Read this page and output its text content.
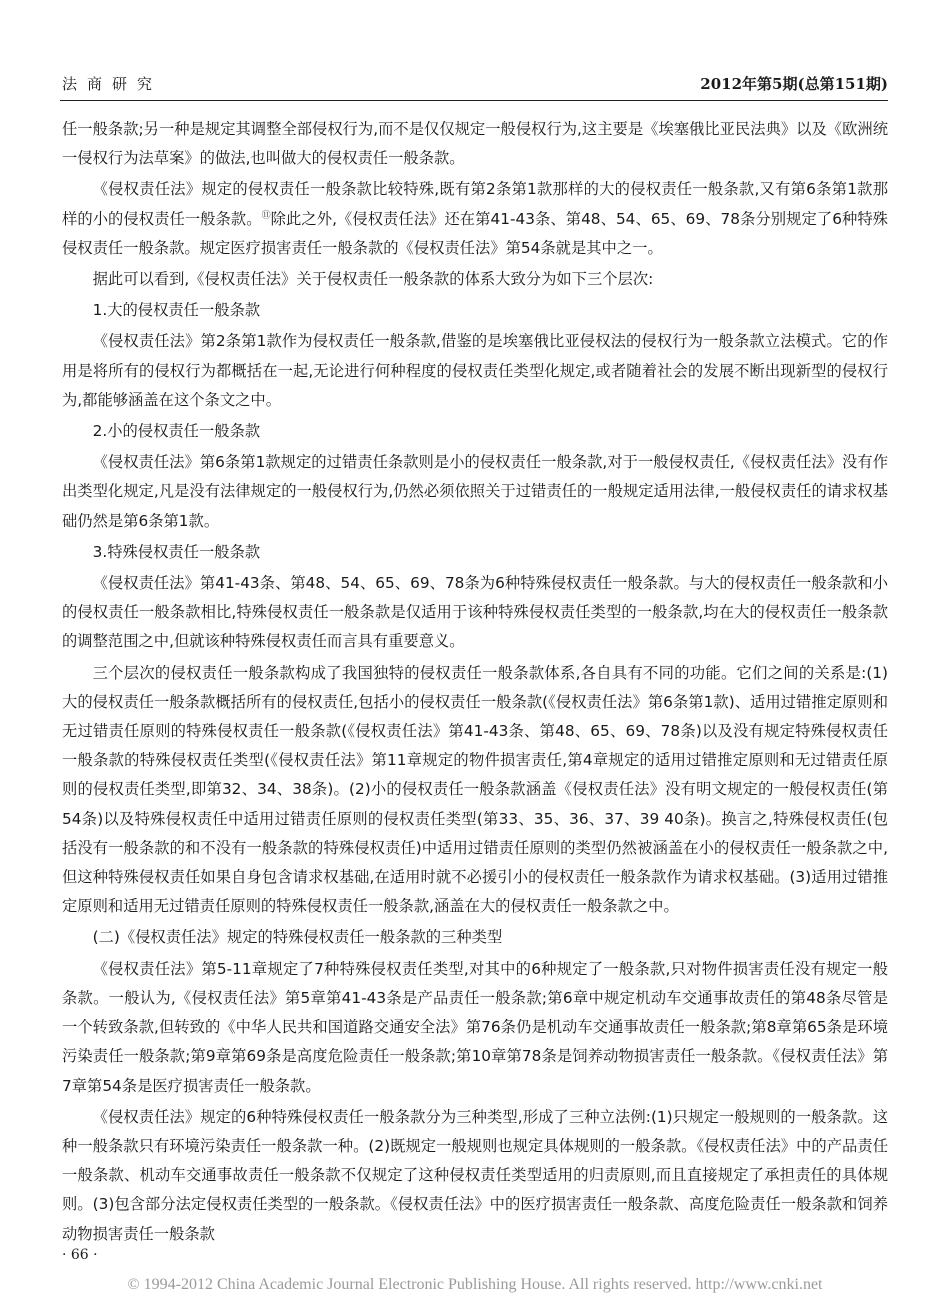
法商研究	2012年第5期(总第151期)

任一般条款;另一种是规定其调整全部侵权行为,而不是仅仅规定一般侵权行为,这主要是《埃塞俄比亚民法典》以及《欧洲统一侵权行为法草案》的做法,也叫做大的侵权责任一般条款。

《侵权责任法》规定的侵权责任一般条款比较特殊,既有第2条第1款那样的大的侵权责任一般条款,又有第6条第1款那样的小的侵权责任一般条款。⑪除此之外,《侵权责任法》还在第41-43条、第48、54、65、69、78条分别规定了6种特殊侵权责任一般条款。规定医疗损害责任一般条款的《侵权责任法》第54条就是其中之一。

据此可以看到,《侵权责任法》关于侵权责任一般条款的体系大致分为如下三个层次:

1.大的侵权责任一般条款

《侵权责任法》第2条第1款作为侵权责任一般条款,借鉴的是埃塞俄比亚侵权法的侵权行为一般条款立法模式。它的作用是将所有的侵权行为都概括在一起,无论进行何种程度的侵权责任类型化规定,或者随着社会的发展不断出现新型的侵权行为,都能够涵盖在这个条文之中。

2.小的侵权责任一般条款

《侵权责任法》第6条第1款规定的过错责任条款则是小的侵权责任一般条款,对于一般侵权责任,《侵权责任法》没有作出类型化规定,凡是没有法律规定的一般侵权行为,仍然必须依照关于过错责任的一般规定适用法律,一般侵权责任的请求权基础仍然是第6条第1款。

3.特殊侵权责任一般条款

《侵权责任法》第41-43条、第48、54、65、69、78条为6种特殊侵权责任一般条款。与大的侵权责任一般条款和小的侵权责任一般条款相比,特殊侵权责任一般条款是仅适用于该种特殊侵权责任类型的一般条款,均在大的侵权责任一般条款的调整范围之中,但就该种特殊侵权责任而言具有重要意义。

三个层次的侵权责任一般条款构成了我国独特的侵权责任一般条款体系,各自具有不同的功能。它们之间的关系是:(1)大的侵权责任一般条款概括所有的侵权责任,包括小的侵权责任一般条款(《侵权责任法》第6条第1款)、适用过错推定原则和无过错责任原则的特殊侵权责任一般条款(《侵权责任法》第41-43条、第48、65、69、78条)以及没有规定特殊侵权责任一般条款的特殊侵权责任类型(《侵权责任法》第11章规定的物件损害责任,第4章规定的适用过错推定原则和无过错责任原则的侵权责任类型,即第32、34、38条)。(2)小的侵权责任一般条款涵盖《侵权责任法》没有明文规定的一般侵权责任(第54条)以及特殊侵权责任中适用过错责任原则的侵权责任类型(第33、35、36、37、39 40条)。换言之,特殊侵权责任(包括没有一般条款的和不没有一般条款的特殊侵权责任)中适用过错责任原则的类型仍然被涵盖在小的侵权责任一般条款之中,但这种特殊侵权责任如果自身包含请求权基础,在适用时就不必援引小的侵权责任一般条款作为请求权基础。(3)适用过错推定原则和适用无过错责任原则的特殊侵权责任一般条款,涵盖在大的侵权责任一般条款之中。

(二)《侵权责任法》规定的特殊侵权责任一般条款的三种类型

《侵权责任法》第5-11章规定了7种特殊侵权责任类型,对其中的6种规定了一般条款,只对物件损害责任没有规定一般条款。一般认为,《侵权责任法》第5章第41-43条是产品责任一般条款;第6章中规定机动车交通事故责任的第48条尽管是一个转致条款,但转致的《中华人民共和国道路交通安全法》第76条仍是机动车交通事故责任一般条款;第8章第65条是环境污染责任一般条款;第9章第69条是高度危险责任一般条款;第10章第78条是饲养动物损害责任一般条款。《侵权责任法》第7章第54条是医疗损害责任一般条款。

《侵权责任法》规定的6种特殊侵权责任一般条款分为三种类型,形成了三种立法例:(1)只规定一般规则的一般条款。这种一般条款只有环境污染责任一般条款一种。(2)既规定一般规则也规定具体规则的一般条款。《侵权责任法》中的产品责任一般条款、机动车交通事故责任一般条款不仅规定了这种侵权责任类型适用的归责原则,而且直接规定了承担责任的具体规则。(3)包含部分法定侵权责任类型的一般条款。《侵权责任法》中的医疗损害责任一般条款、高度危险责任一般条款和饲养动物损害责任一般条款

· 66 ·
© 1994-2012 China Academic Journal Electronic Publishing House. All rights reserved. http://www.cnki.net
